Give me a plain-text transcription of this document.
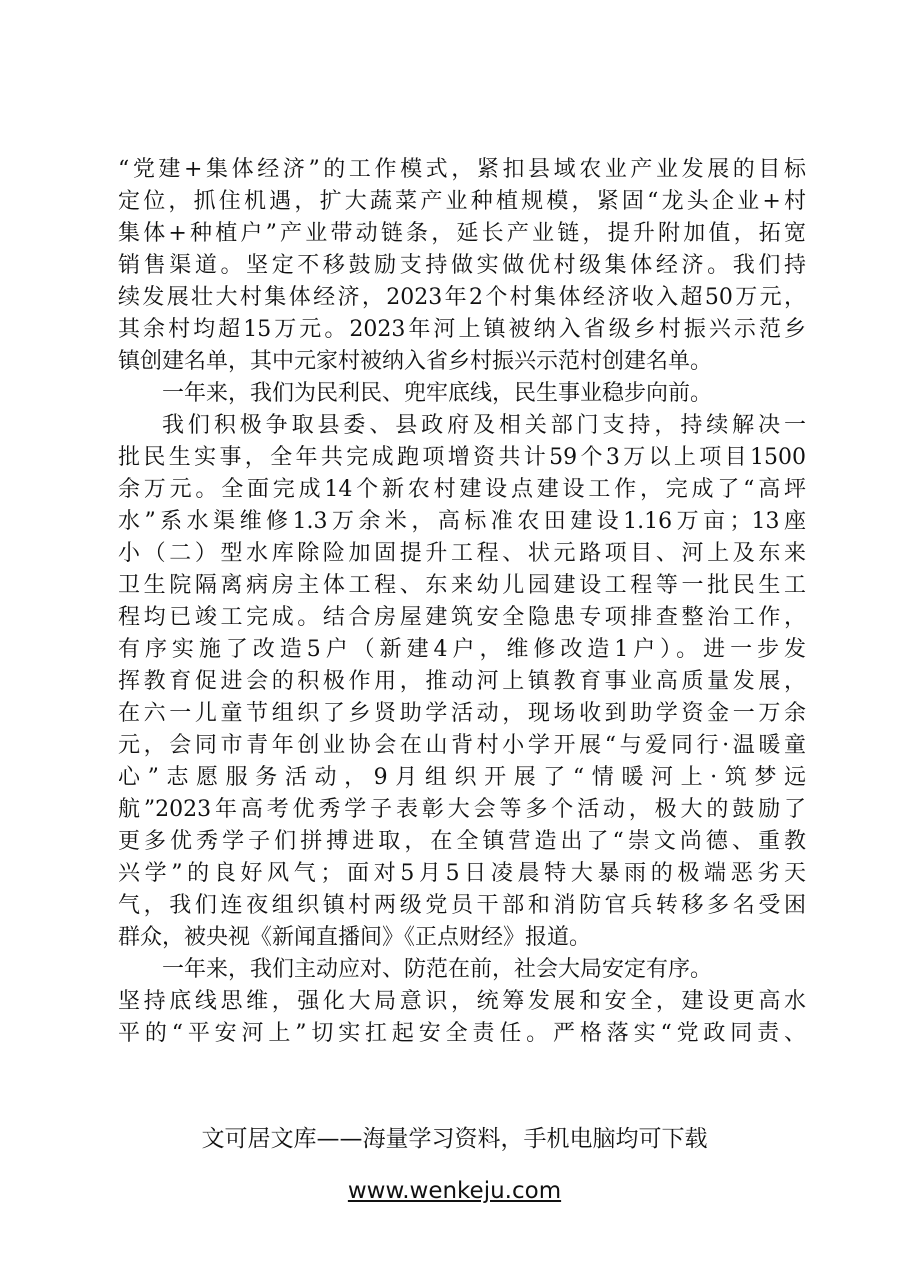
“党建+集体经济”的工作模式，紧扣县域农业产业发展的目标
定位，抓住机遇，扩大蔬菜产业种植规模，紧固“龙头企业+村
集体+种植户”产业带动链条，延长产业链，提升附加值，拓宽
销售渠道。坚定不移鼓励支持做实做优村级集体经济。我们持
续发展壮大村集体经济，2023年2个村集体经济收入超50万元，
其余村均超15万元。2023年河上镇被纳入省级乡村振兴示范乡
镇创建名单，其中元家村被纳入省乡村振兴示范村创建名单。
一年来，我们为民利民、兜牢底线，民生事业稳步向前。
我们积极争取县委、县政府及相关部门支持，持续解决一
批民生实事，全年共完成跑项增资共计59个3万以上项目1500
余万元。全面完成14个新农村建设点建设工作，完成了“高坪
水”系水渠维修1.3万余米，高标准农田建设1.16万亩；13座
小（二）型水库除险加固提升工程、状元路项目、河上及东来
卫生院隔离病房主体工程、东来幼儿园建设工程等一批民生工
程均已竣工完成。结合房屋建筑安全隐患专项排查整治工作，
有序实施了改造5户（新建4户，维修改造1户）。进一步发
挥教育促进会的积极作用，推动河上镇教育事业高质量发展，
在六一儿童节组织了乡贤助学活动，现场收到助学资金一万余
元，会同市青年创业协会在山背村小学开展“与爱同行·温暖童
心”志愿服务活动，9月组织开展了“情暖河上·筑梦远
航”2023年高考优秀学子表彰大会等多个活动，极大的鼓励了
更多优秀学子们拼搏进取，在全镇营造出了“崇文尚德、重教
兴学”的良好风气；面对5月5日凌晨特大暴雨的极端恶劣天
气，我们连夜组织镇村两级党员干部和消防官兵转移多名受困
群众，被央视《新闻直播间》《正点财经》报道。
一年来，我们主动应对、防范在前，社会大局安定有序。
坚持底线思维，强化大局意识，统筹发展和安全，建设更高水
平的“平安河上”切实扛起安全责任。严格落实“党政同责、
文可居文库——海量学习资料，手机电脑均可下载
www.wenkeju.com
